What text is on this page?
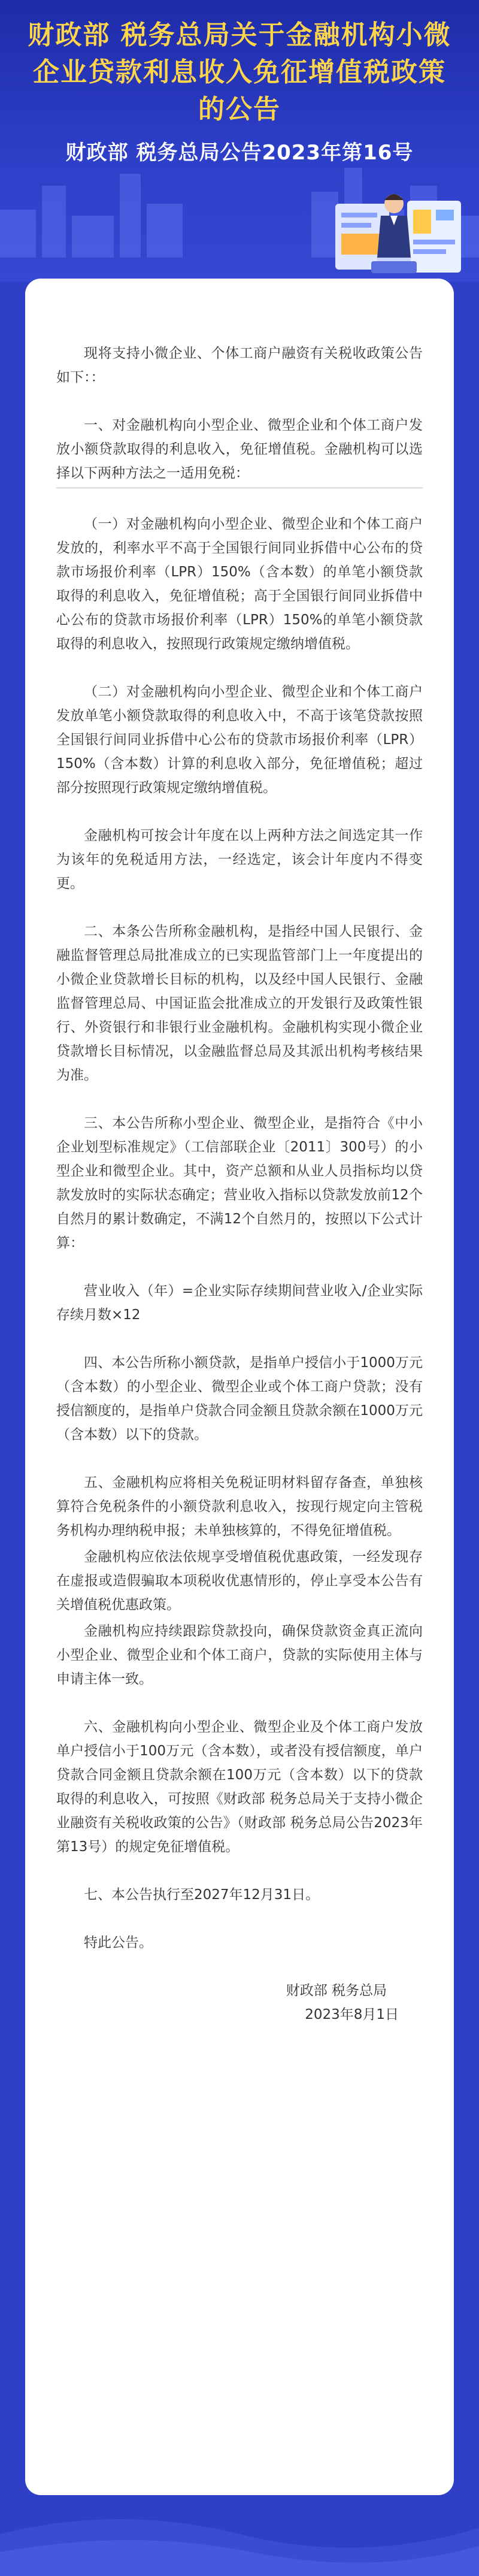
财政部 税务总局关于金融机构小微企业贷款利息收入免征增值税政策的公告
财政部 税务总局公告2023年第16号

现将支持小微企业、个体工商户融资有关税收政策公告如下：：

一、对金融机构向小型企业、微型企业和个体工商户发放小额贷款取得的利息收入，免征增值税。金融机构可以选择以下两种方法之一适用免税：

（一）对金融机构向小型企业、微型企业和个体工商户发放的，利率水平不高于全国银行间同业拆借中心公布的贷款市场报价利率（LPR）150%（含本数）的单笔小额贷款取得的利息收入，免征增值税；高于全国银行间同业拆借中心公布的贷款市场报价利率（LPR）150%的单笔小额贷款取得的利息收入，按照现行政策规定缴纳增值税。

（二）对金融机构向小型企业、微型企业和个体工商户发放单笔小额贷款取得的利息收入中，不高于该笔贷款按照全国银行间同业拆借中心公布的贷款市场报价利率（LPR）150%（含本数）计算的利息收入部分，免征增值税；超过部分按照现行政策规定缴纳增值税。

金融机构可按会计年度在以上两种方法之间选定其一作为该年的免税适用方法，一经选定，该会计年度内不得变更。

二、本条公告所称金融机构，是指经中国人民银行、金融监督管理总局批准成立的已实现监管部门上一年度提出的小微企业贷款增长目标的机构，以及经中国人民银行、金融监督管理总局、中国证监会批准成立的开发银行及政策性银行、外资银行和非银行业金融机构。金融机构实现小微企业贷款增长目标情况，以金融监督总局及其派出机构考核结果为准。

三、本公告所称小型企业、微型企业，是指符合《中小企业划型标准规定》（工信部联企业〔2011〕300号）的小型企业和微型企业。其中，资产总额和从业人员指标均以贷款发放时的实际状态确定；营业收入指标以贷款发放前12个自然月的累计数确定，不满12个自然月的，按照以下公式计算：

营业收入（年）=企业实际存续期间营业收入/企业实际存续月数×12

四、本公告所称小额贷款，是指单户授信小于1000万元（含本数）的小型企业、微型企业或个体工商户贷款；没有授信额度的，是指单户贷款合同金额且贷款余额在1000万元（含本数）以下的贷款。

五、金融机构应将相关免税证明材料留存备查，单独核算符合免税条件的小额贷款利息收入，按现行规定向主管税务机构办理纳税申报；未单独核算的，不得免征增值税。

金融机构应依法依规享受增值税优惠政策，一经发现存在虚报或造假骗取本项税收优惠情形的，停止享受本公告有关增值税优惠政策。

金融机构应持续跟踪贷款投向，确保贷款资金真正流向小型企业、微型企业和个体工商户，贷款的实际使用主体与申请主体一致。

六、金融机构向小型企业、微型企业及个体工商户发放单户授信小于100万元（含本数），或者没有授信额度，单户贷款合同金额且贷款余额在100万元（含本数）以下的贷款取得的利息收入，可按照《财政部 税务总局关于支持小微企业融资有关税收政策的公告》（财政部 税务总局公告2023年第13号）的规定免征增值税。

七、本公告执行至2027年12月31日。

特此公告。

财政部 税务总局

2023年8月1日
